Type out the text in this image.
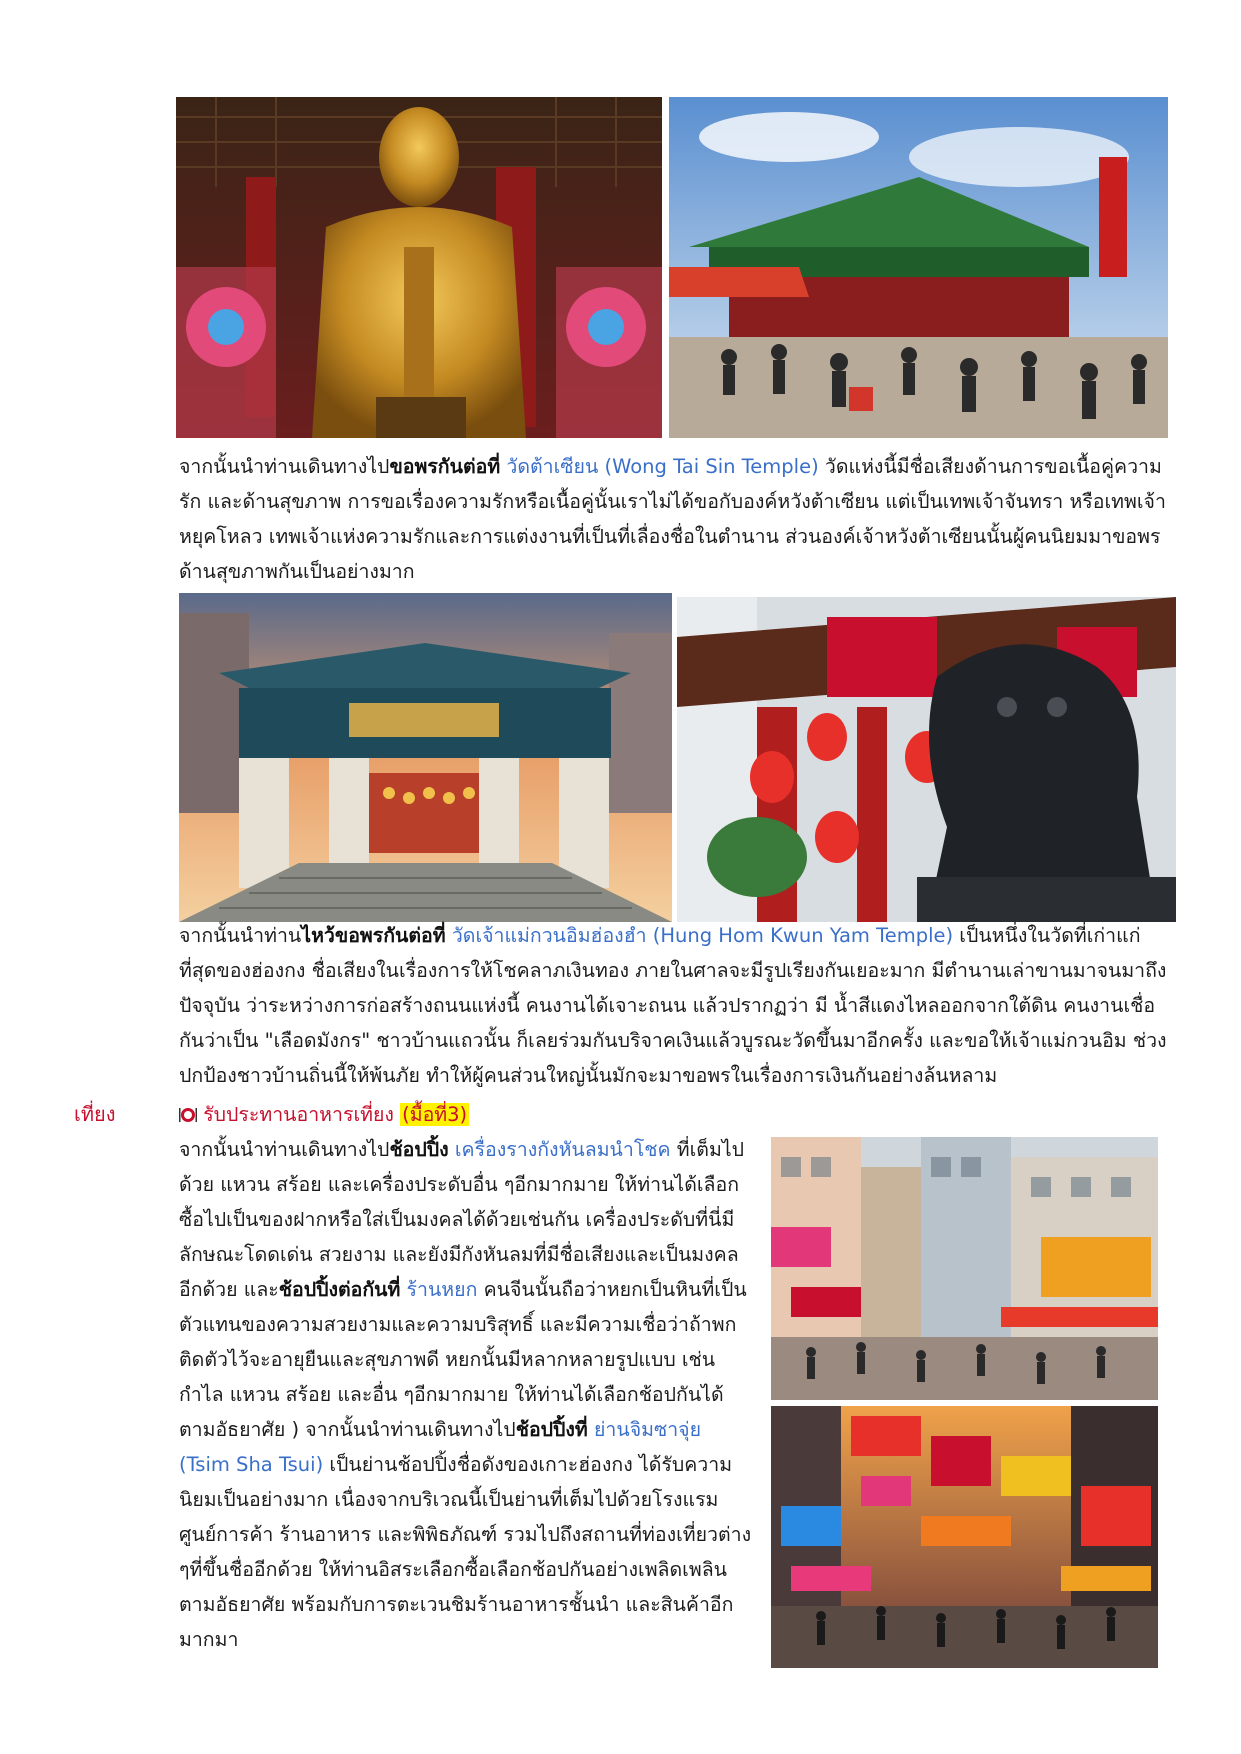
จากนั้นนำท่านเดินทางไปขอพรกันต่อที่ วัดต้าเซียน (Wong Tai Sin Temple) วัดแห่งนี้มีชื่อเสียงด้านการขอเนื้อคู่ความรัก และด้านสุขภาพ การขอเรื่องความรักหรือเนื้อคู่นั้นเราไม่ได้ขอกับองค์หวังต้าเซียน แต่เป็นเทพเจ้าจันทรา หรือเทพเจ้าหยุคโหลว เทพเจ้าแห่งความรักและการแต่งงานที่เป็นที่เลื่องชื่อในตำนาน ส่วนองค์เจ้าหวังต้าเซียนนั้นผู้คนนิยมมาขอพรด้านสุขภาพกันเป็นอย่างมาก
จากนั้นนำท่านไหว้ขอพรกันต่อที่ วัดเจ้าแม่กวนอิมฮ่องฮำ (Hung Hom Kwun Yam Temple) เป็นหนึ่งในวัดที่เก่าแก่ที่สุดของฮ่องกง ชื่อเสียงในเรื่องการให้โชคลาภเงินทอง ภายในศาลจะมีรูปเรียงกันเยอะมาก มีตำนานเล่าขานมาจนมาถึงปัจจุบัน ว่าระหว่างการก่อสร้างถนนแห่งนี้ คนงานได้เจาะถนน แล้วปรากฏว่า มี น้ำสีแดงไหลออกจากใต้ดิน คนงานเชื่อกันว่าเป็น "เลือดมังกร" ชาวบ้านแถวนั้น ก็เลยร่วมกันบริจาคเงินแล้วบูรณะวัดขึ้นมาอีกครั้ง และขอให้เจ้าแม่กวนอิม ช่วงปกป้องชาวบ้านถิ่นนี้ให้พ้นภัย ทำให้ผู้คนส่วนใหญ่นั้นมักจะมาขอพรในเรื่องการเงินกันอย่างล้นหลาม
เที่ยง	รับประทานอาหารเที่ยง (มื้อที่3)
จากนั้นนำท่านเดินทางไปช้อปปิ้ง เครื่องรางกังหันลมนำโชค ที่เต็มไปด้วย แหวน สร้อย และเครื่องประดับอื่น ๆอีกมากมาย ให้ท่านได้เลือกซื้อไปเป็นของฝากหรือใส่เป็นมงคลได้ด้วยเช่นกัน เครื่องประดับที่นี่มีลักษณะโดดเด่น สวยงาม และยังมีกังหันลมที่มีชื่อเสียงและเป็นมงคลอีกด้วย และช้อปปิ้งต่อกันที่ ร้านหยก คนจีนนั้นถือว่าหยกเป็นหินที่เป็นตัวแทนของความสวยงามและความบริสุทธิ์ และมีความเชื่อว่าถ้าพกติดตัวไว้จะอายุยืนและสุขภาพดี หยกนั้นมีหลากหลายรูปแบบ เช่น กำไล แหวน สร้อย และอื่น ๆอีกมากมาย ให้ท่านได้เลือกช้อปกันได้ตามอัธยาศัย ) จากนั้นนำท่านเดินทางไปช้อปปิ้งที่ ย่านจิมซาจุ่ย (Tsim Sha Tsui) เป็นย่านช้อปปิ้งชื่อดังของเกาะฮ่องกง ได้รับความนิยมเป็นอย่างมาก เนื่องจากบริเวณนี้เป็นย่านที่เต็มไปด้วยโรงแรม ศูนย์การค้า ร้านอาหาร และพิพิธภัณฑ์ รวมไปถึงสถานที่ท่องเที่ยวต่าง ๆที่ขึ้นชื่ออีกด้วย ให้ท่านอิสระเลือกซื้อเลือกช้อปกันอย่างเพลิดเพลินตามอัธยาศัย พร้อมกับการตะเวนชิมร้านอาหารชั้นนำ และสินค้าอีกมากมา
